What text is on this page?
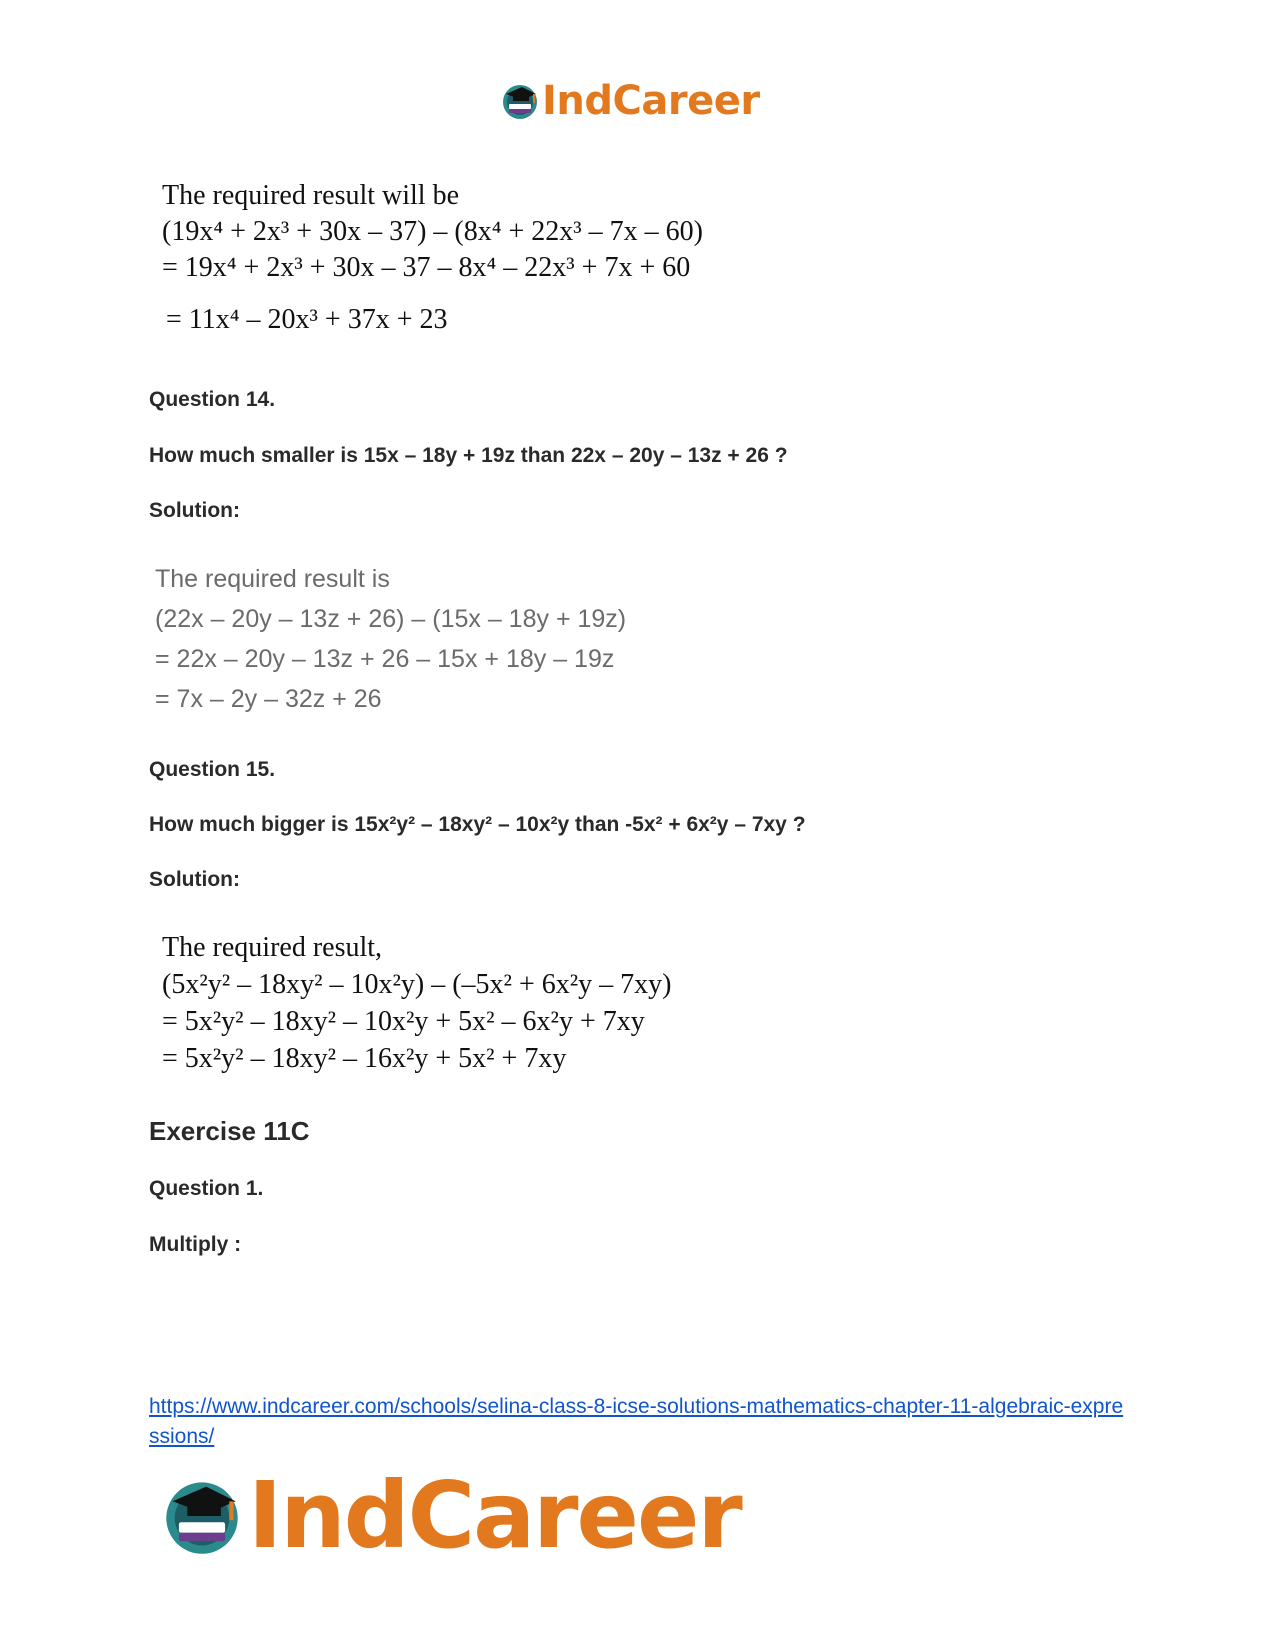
IndCareer
The required result will be
(19x⁴ + 2x³ + 30x – 37) – (8x⁴ + 22x³ – 7x – 60)
= 19x⁴ + 2x³ + 30x – 37 – 8x⁴ – 22x³ + 7x + 60
= 11x⁴ – 20x³ + 37x + 23
Question 14.
How much smaller is 15x – 18y + 19z than 22x – 20y – 13z + 26 ?
Solution:
The required result is
(22x – 20y – 13z + 26) – (15x – 18y + 19z)
= 22x – 20y – 13z + 26 – 15x + 18y – 19z
= 7x – 2y – 32z + 26
Question 15.
How much bigger is 15x²y² – 18xy² – 10x²y than -5x² + 6x²y – 7xy ?
Solution:
The required result,
(5x²y² – 18xy² – 10x²y) – (–5x² + 6x²y – 7xy)
= 5x²y² – 18xy² – 10x²y + 5x² – 6x²y + 7xy
= 5x²y² – 18xy² – 16x²y + 5x² + 7xy
Exercise 11C
Question 1.
Multiply :
https://www.indcareer.com/schools/selina-class-8-icse-solutions-mathematics-chapter-11-algebraic-expressions/
IndCareer
